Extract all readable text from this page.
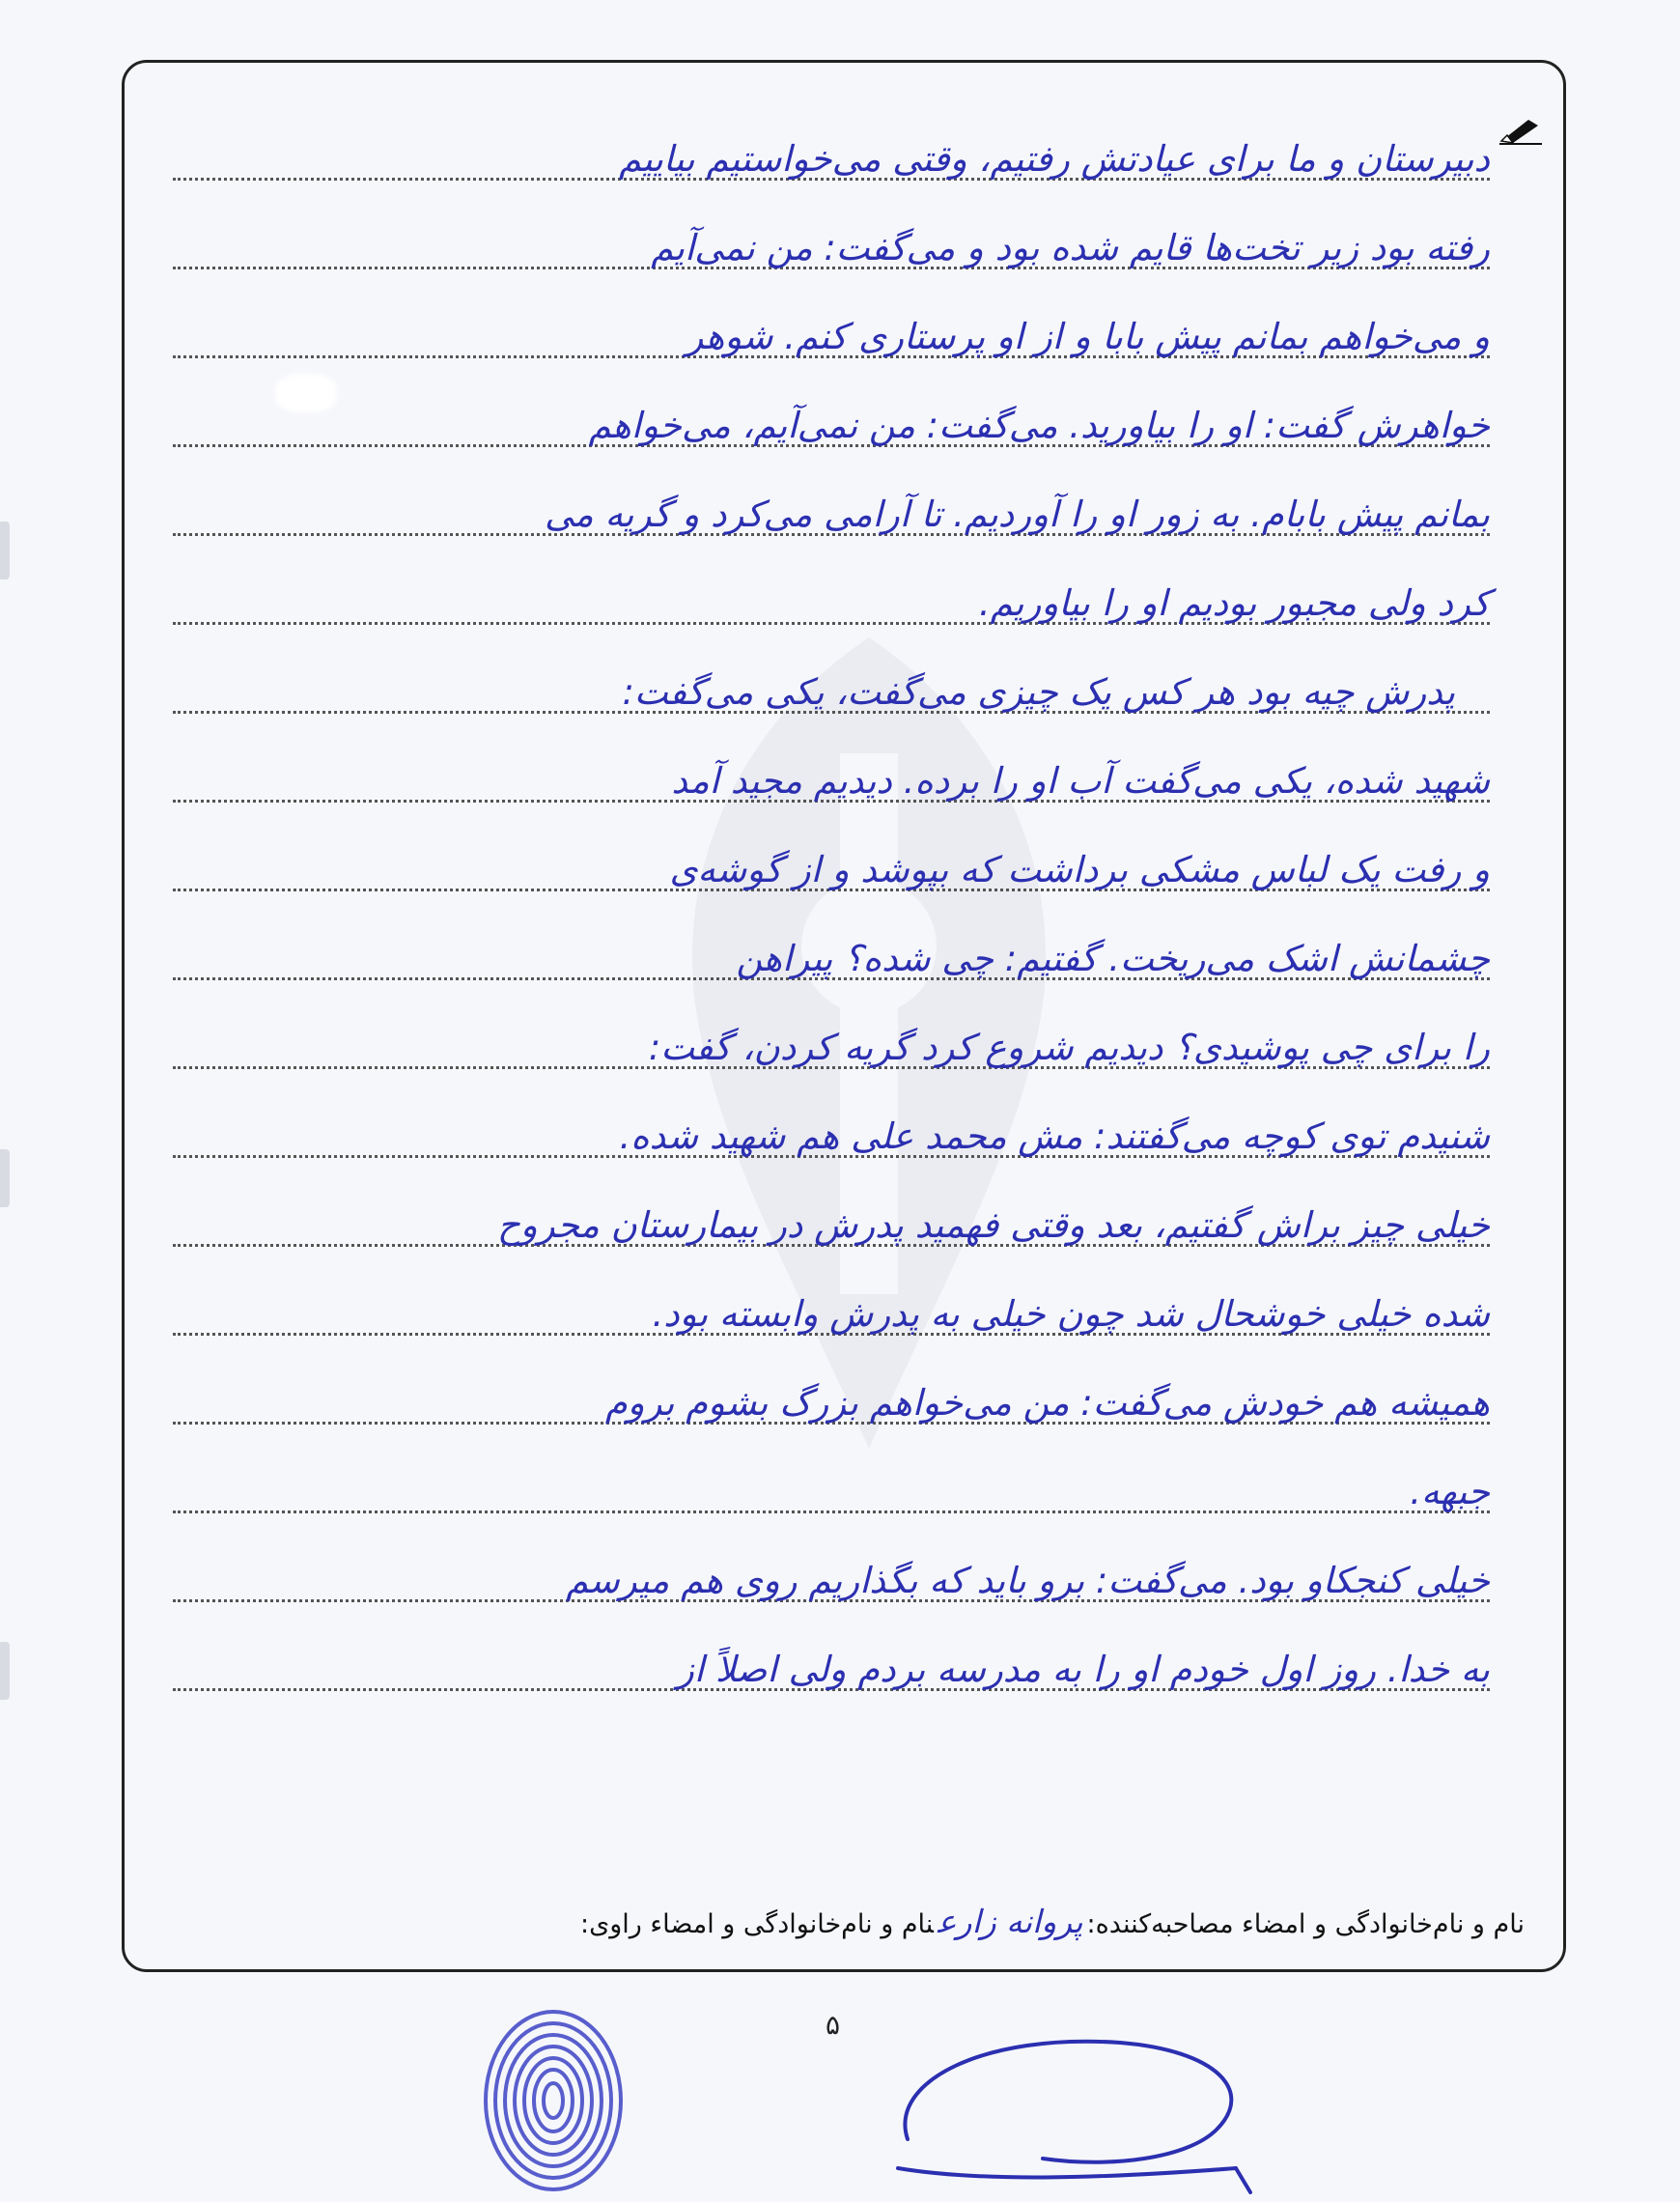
دبیرستان و ما برای عیادتش رفتیم، وقتی می‌خواستیم بیاییم
رفته بود زیر تخت‌ها قایم شده بود و می‌گفت: من نمی‌آیم
و می‌خواهم بمانم پیش بابا و از او پرستاری کنم. شوهر
خواهرش گفت: او را بیاورید. می‌گفت: من نمی‌آیم، می‌خواهم
بمانم پیش بابام. به زور او را آوردیم. تا آرامی می‌کرد و گریه می‌
کرد ولی مجبور بودیم او را بیاوریم.
پدرش چیه بود هر کس یک چیزی می‌گفت، یکی می‌گفت:
شهید شده، یکی می‌گفت آب او را برده. دیدیم مجید آمد
و رفت یک لباس مشکی برداشت که بپوشد و از گوشه‌ی
چشمانش اشک می‌ریخت. گفتیم: چی شده؟ پیراهن
را برای چی پوشیدی؟ دیدیم شروع کرد گریه کردن، گفت:
شنیدم توی کوچه می‌گفتند: مش محمد علی هم شهید شده.
خیلی چیز براش گفتیم، بعد وقتی فهمید پدرش در بیمارستان مجروح
شده خیلی خوشحال شد چون خیلی به پدرش وابسته بود.
همیشه هم خودش می‌گفت: من می‌خواهم بزرگ بشوم بروم
جبهه.
خیلی کنجکاو بود. می‌گفت: برو باید که بگذاریم روی هم میرسم
به خدا. روز اول خودم او را به مدرسه بردم ولی اصلاً از
نام و نام‌خانوادگی و امضاء مصاحبه‌کننده:پروانه زارعنام و نام‌خانوادگی و امضاء راوی:
۵
